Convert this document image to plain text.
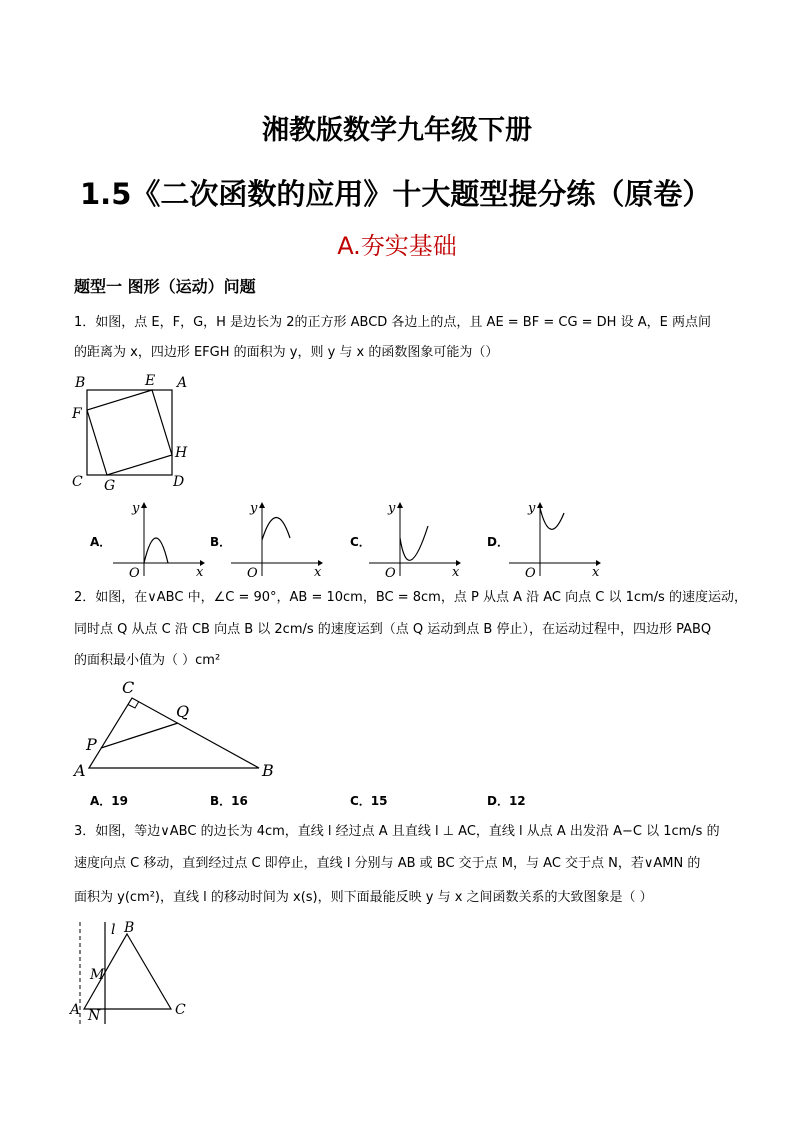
湘教版数学九年级下册
1.5《二次函数的应用》十大题型提分练（原卷）
A.夯实基础
题型一 图形（运动）问题
1．如图，点 E，F，G，H 是边长为 2的正方形 ABCD 各边上的点，且 AE = BF = CG = DH 设 A，E 两点间
的距离为 x，四边形 EFGH 的面积为 y，则 y 与 x 的函数图象可能为（）
B	E A
F
H
C G	D
A．
y
x
O
B．
y
x
O
C．
y
x
O
D．
y
x
O
2．如图，在∨ABC 中，∠C = 90°，AB = 10cm，BC = 8cm，点 P 从点 A 沿 AC 向点 C 以 1cm/s 的速度运动，
同时点 Q 从点 C 沿 CB 向点 B 以 2cm/s 的速度运到（点 Q 运动到点 B 停止），在运动过程中，四边形 PABQ
的面积最小值为（ ）cm²
C
Q
P
A	B
A．19	B．16	C．15	D．12
3．如图，等边∨ABC 的边长为 4cm，直线 l 经过点 A 且直线 l ⊥ AC，直线 l 从点 A 出发沿 A−C 以 1cm/s 的
速度向点 C 移动，直到经过点 C 即停止，直线 l 分别与 AB 或 BC 交于点 M，与 AC 交于点 N，若∨AMN 的
面积为 y(cm²)，直线 l 的移动时间为 x(s)，则下面最能反映 y 与 x 之间函数关系的大致图象是（ ）
l B
M
A N	C
